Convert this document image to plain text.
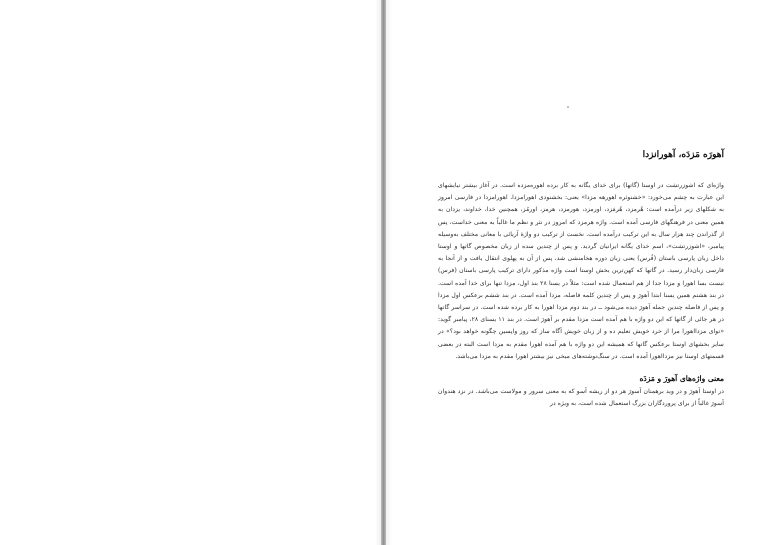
آهورَه مَزدَه، آهورانزدا

واژه‌ای که اشوزرتشت در اوستا (گاتها) برای خدای یگانه به کار برده اهوره‌مزده است. در آغاز بیشتر نیایشهای این عبارت به چشم می‌خورد: «خشنوثره اهورهه مزدا» یعنی: بخشنودی اهورامزدا. اهورامزدا در فارسی امروز به شکلهای زیر درآمده است: هُرمزد، هُرمَزد، اورمزد، هورمزد، هرمز، اورمُز، همچنین خدا، خداوند، یزدان به همین معنی در فرهنگهای فارسی آمده است. واژه هرمزد که امروز در نثر و نظم ما غالباً به معنی خداست، پس از گذراندن چند هزار سال به این ترکیب درآمده است. نخست از ترکیب دو واژهٔ آریائی با معانی مختلف به‌وسیله پیامبر، «اشوزرتشت»، اسم خدای یگانه ایرانیان گردید. و پس از چندین سده از زبان مخصوص گاتها و اوستا داخل زبان پارسی باستان (فُرس) یعنی زبان دوره هخامنشی شد، پس از آن به پهلوی انتقال یافت و از آنجا به فارسی زبان‌دار رسید. در گاتها که کهن‌ترین بخش اوستا است واژه مذکور دارای ترکیب پارسی باستان (فرس) نیست بسا اهورا و مزدا جدا از هم استعمال شده است: مثلاً در یسنا ۲۸ بند اول، مزدا تنها برای خدا آمده است. در بند هشتم همین یسنا ابتدا آهورَ و پس از چندین کلمه فاصله، مزدا آمده است. در بند ششم برعکس اول مزدا و پس از فاصله چندین جمله آهورَ دیده می‌شود ــ در بند دوم مزدا اهورا به کار برده شده است. در سراسر گاتها در هر جائی از گاتها که این دو واژه با هم آمده است مزدا مقدم بر آهورَ است. در بند ۱۱ یسنای ۲۸، پیامبر گوید: «توای مزدااهورا مرا از خرد خویش تعلیم ده و از زبان خویش آگاه ساز که روز واپسین چگونه خواهد بود؟» در سایر بخشهای اوستا برعکس گاتها که همیشه این دو واژه با هم آمده اهورا مقدم به مزدا است البته در بعضی قسمتهای اوستا نیز مزدااهورا آمده است. در سنگ‌نوشته‌های میخی نیز بیشتر اهورا مقدم به مزدا می‌باشد.

معنی واژه‌های آهورَ و مَزدَه

در اوستا آهورَ و در وید برهمنان آسورَ هر دو از ریشه آسو که به معنی سرور و مولاست می‌باشد. در نزد هندوان آسورَ غالباً از برای پروردگاران بزرگ استعمال شده است، به ویژه در
